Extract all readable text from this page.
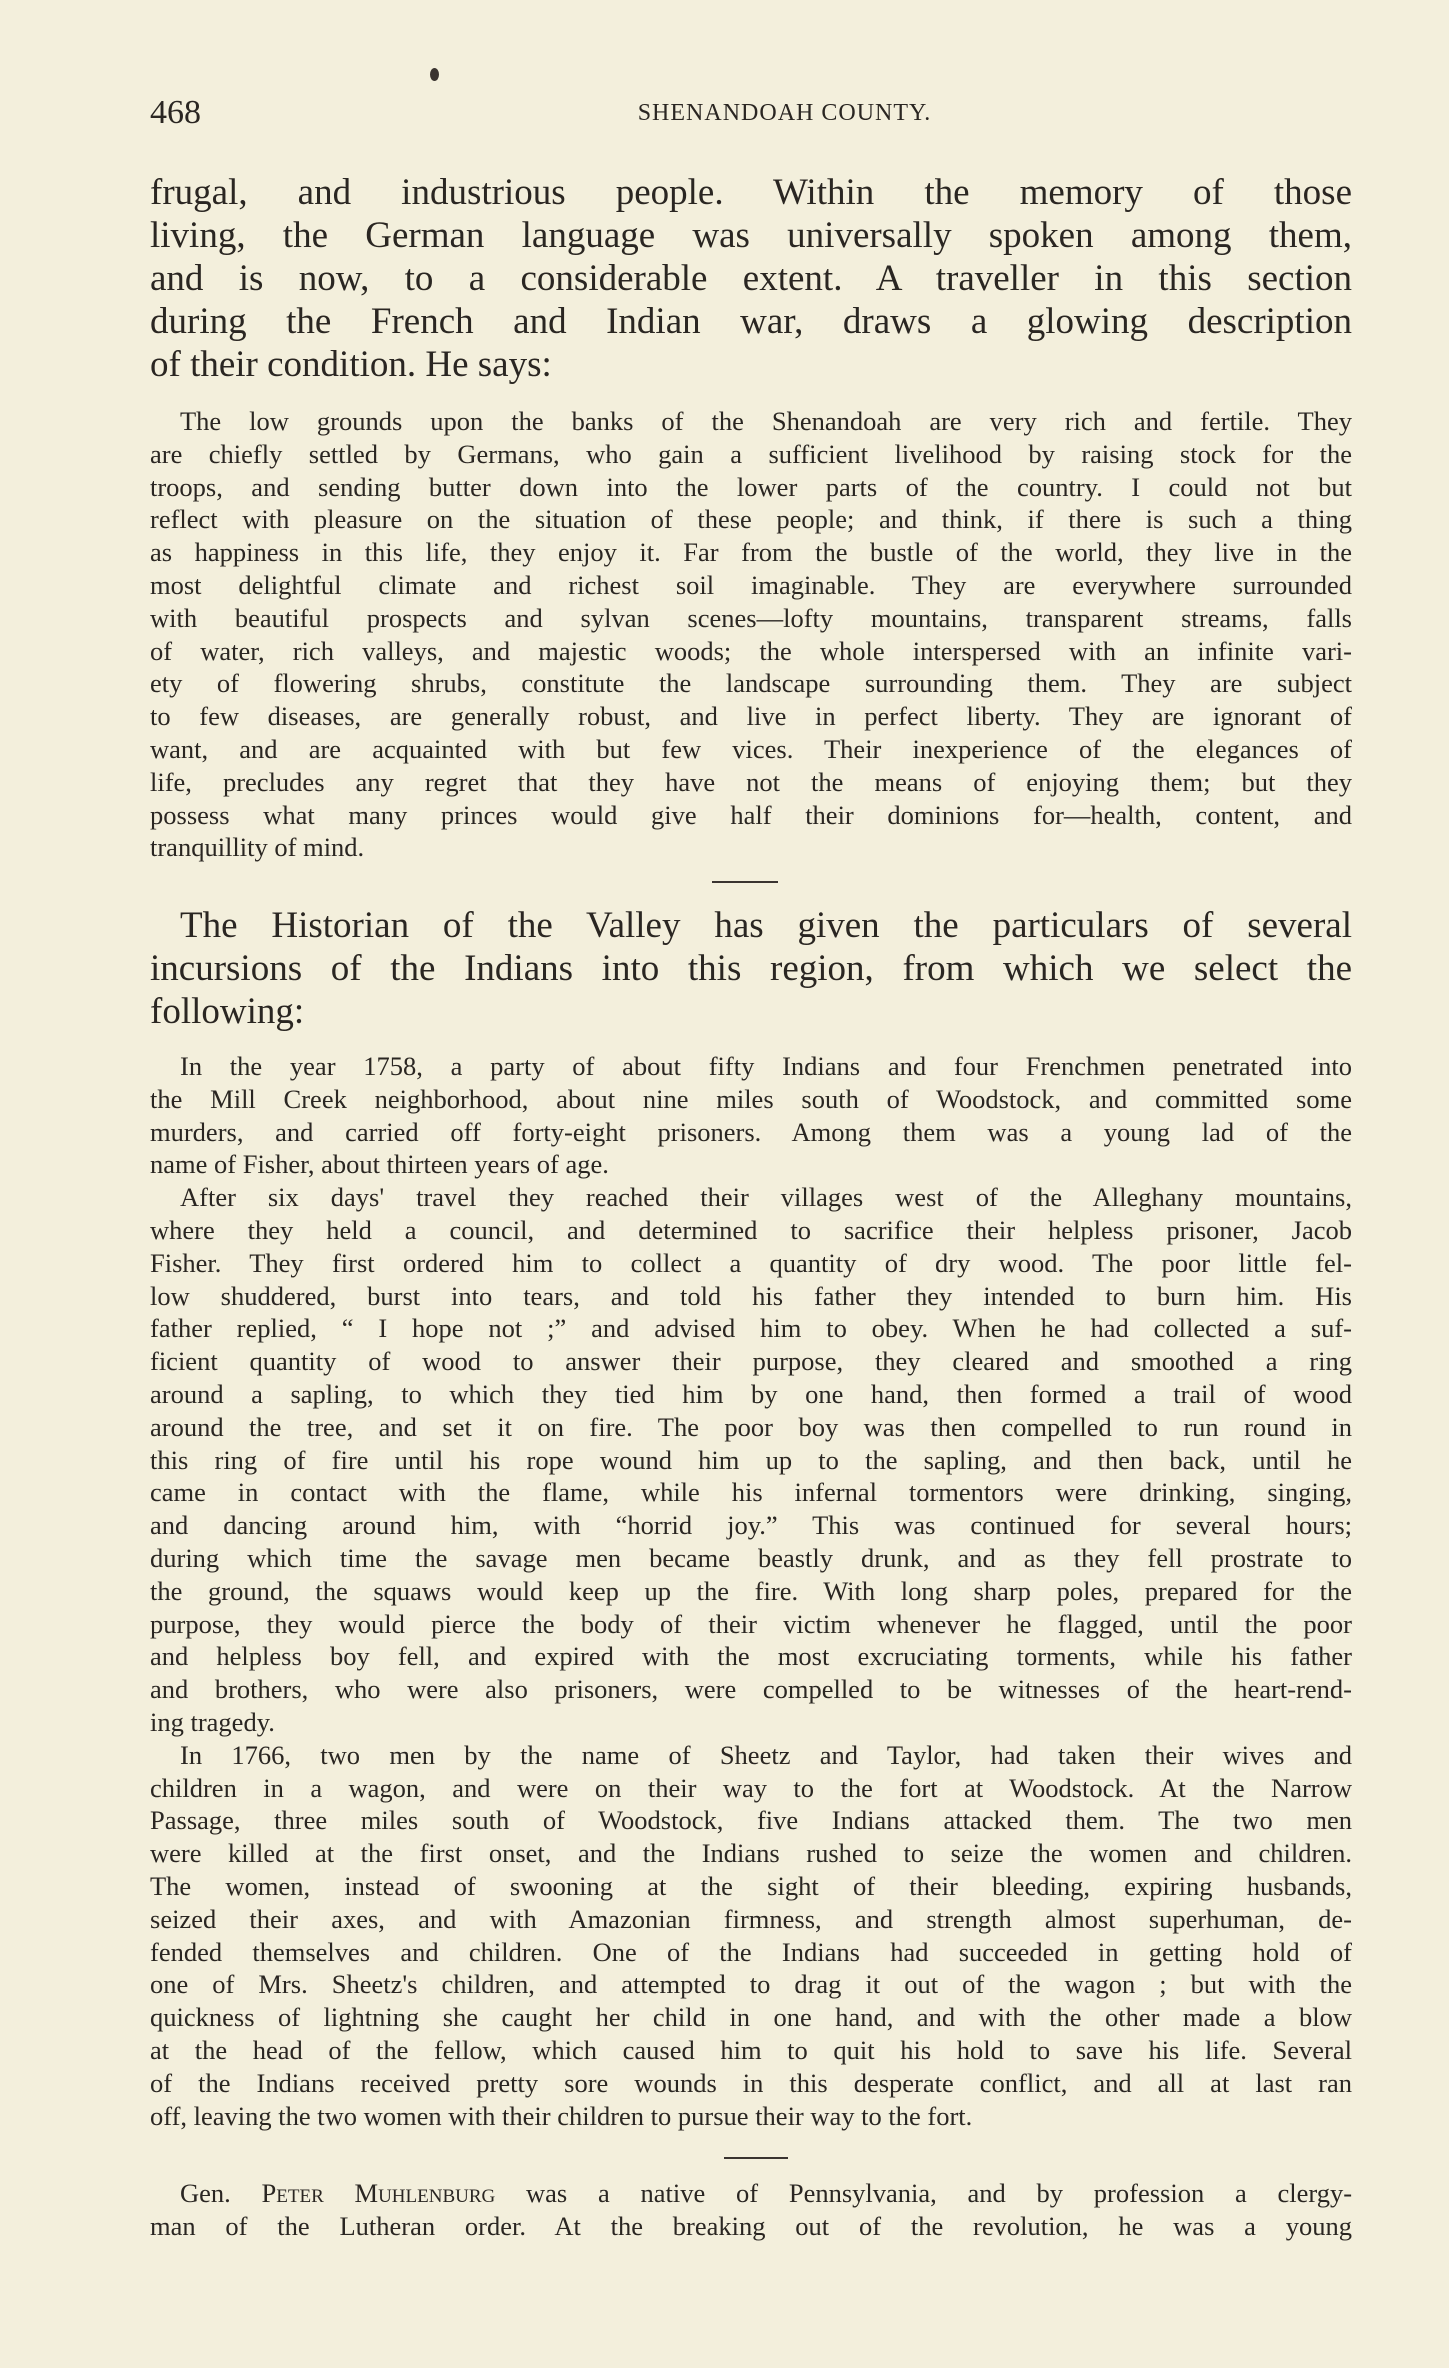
468	SHENANDOAH COUNTY.
frugal, and industrious people. Within the memory of those
living, the German language was universally spoken among them,
and is now, to a considerable extent. A traveller in this section
during the French and Indian war, draws a glowing description
of their condition. He says:
The low grounds upon the banks of the Shenandoah are very rich and fertile. They
are chiefly settled by Germans, who gain a sufficient livelihood by raising stock for the
troops, and sending butter down into the lower parts of the country. I could not but
reflect with pleasure on the situation of these people; and think, if there is such a thing
as happiness in this life, they enjoy it. Far from the bustle of the world, they live in the
most delightful climate and richest soil imaginable. They are everywhere surrounded
with beautiful prospects and sylvan scenes—lofty mountains, transparent streams, falls
of water, rich valleys, and majestic woods; the whole interspersed with an infinite vari-
ety of flowering shrubs, constitute the landscape surrounding them. They are subject
to few diseases, are generally robust, and live in perfect liberty. They are ignorant of
want, and are acquainted with but few vices. Their inexperience of the elegances of
life, precludes any regret that they have not the means of enjoying them; but they
possess what many princes would give half their dominions for—health, content, and
tranquillity of mind.
The Historian of the Valley has given the particulars of several
incursions of the Indians into this region, from which we select the
following:
In the year 1758, a party of about fifty Indians and four Frenchmen penetrated into
the Mill Creek neighborhood, about nine miles south of Woodstock, and committed some
murders, and carried off forty-eight prisoners. Among them was a young lad of the
name of Fisher, about thirteen years of age.
After six days' travel they reached their villages west of the Alleghany mountains,
where they held a council, and determined to sacrifice their helpless prisoner, Jacob
Fisher. They first ordered him to collect a quantity of dry wood. The poor little fel-
low shuddered, burst into tears, and told his father they intended to burn him. His
father replied, “ I hope not ;” and advised him to obey. When he had collected a suf-
ficient quantity of wood to answer their purpose, they cleared and smoothed a ring
around a sapling, to which they tied him by one hand, then formed a trail of wood
around the tree, and set it on fire. The poor boy was then compelled to run round in
this ring of fire until his rope wound him up to the sapling, and then back, until he
came in contact with the flame, while his infernal tormentors were drinking, singing,
and dancing around him, with “horrid joy.” This was continued for several hours;
during which time the savage men became beastly drunk, and as they fell prostrate to
the ground, the squaws would keep up the fire. With long sharp poles, prepared for the
purpose, they would pierce the body of their victim whenever he flagged, until the poor
and helpless boy fell, and expired with the most excruciating torments, while his father
and brothers, who were also prisoners, were compelled to be witnesses of the heart-rend-
ing tragedy.
In 1766, two men by the name of Sheetz and Taylor, had taken their wives and
children in a wagon, and were on their way to the fort at Woodstock. At the Narrow
Passage, three miles south of Woodstock, five Indians attacked them. The two men
were killed at the first onset, and the Indians rushed to seize the women and children.
The women, instead of swooning at the sight of their bleeding, expiring husbands,
seized their axes, and with Amazonian firmness, and strength almost superhuman, de-
fended themselves and children. One of the Indians had succeeded in getting hold of
one of Mrs. Sheetz's children, and attempted to drag it out of the wagon ; but with the
quickness of lightning she caught her child in one hand, and with the other made a blow
at the head of the fellow, which caused him to quit his hold to save his life. Several
of the Indians received pretty sore wounds in this desperate conflict, and all at last ran
off, leaving the two women with their children to pursue their way to the fort.
Gen. Peter Muhlenburg was a native of Pennsylvania, and by profession a clergy-
man of the Lutheran order. At the breaking out of the revolution, he was a young
